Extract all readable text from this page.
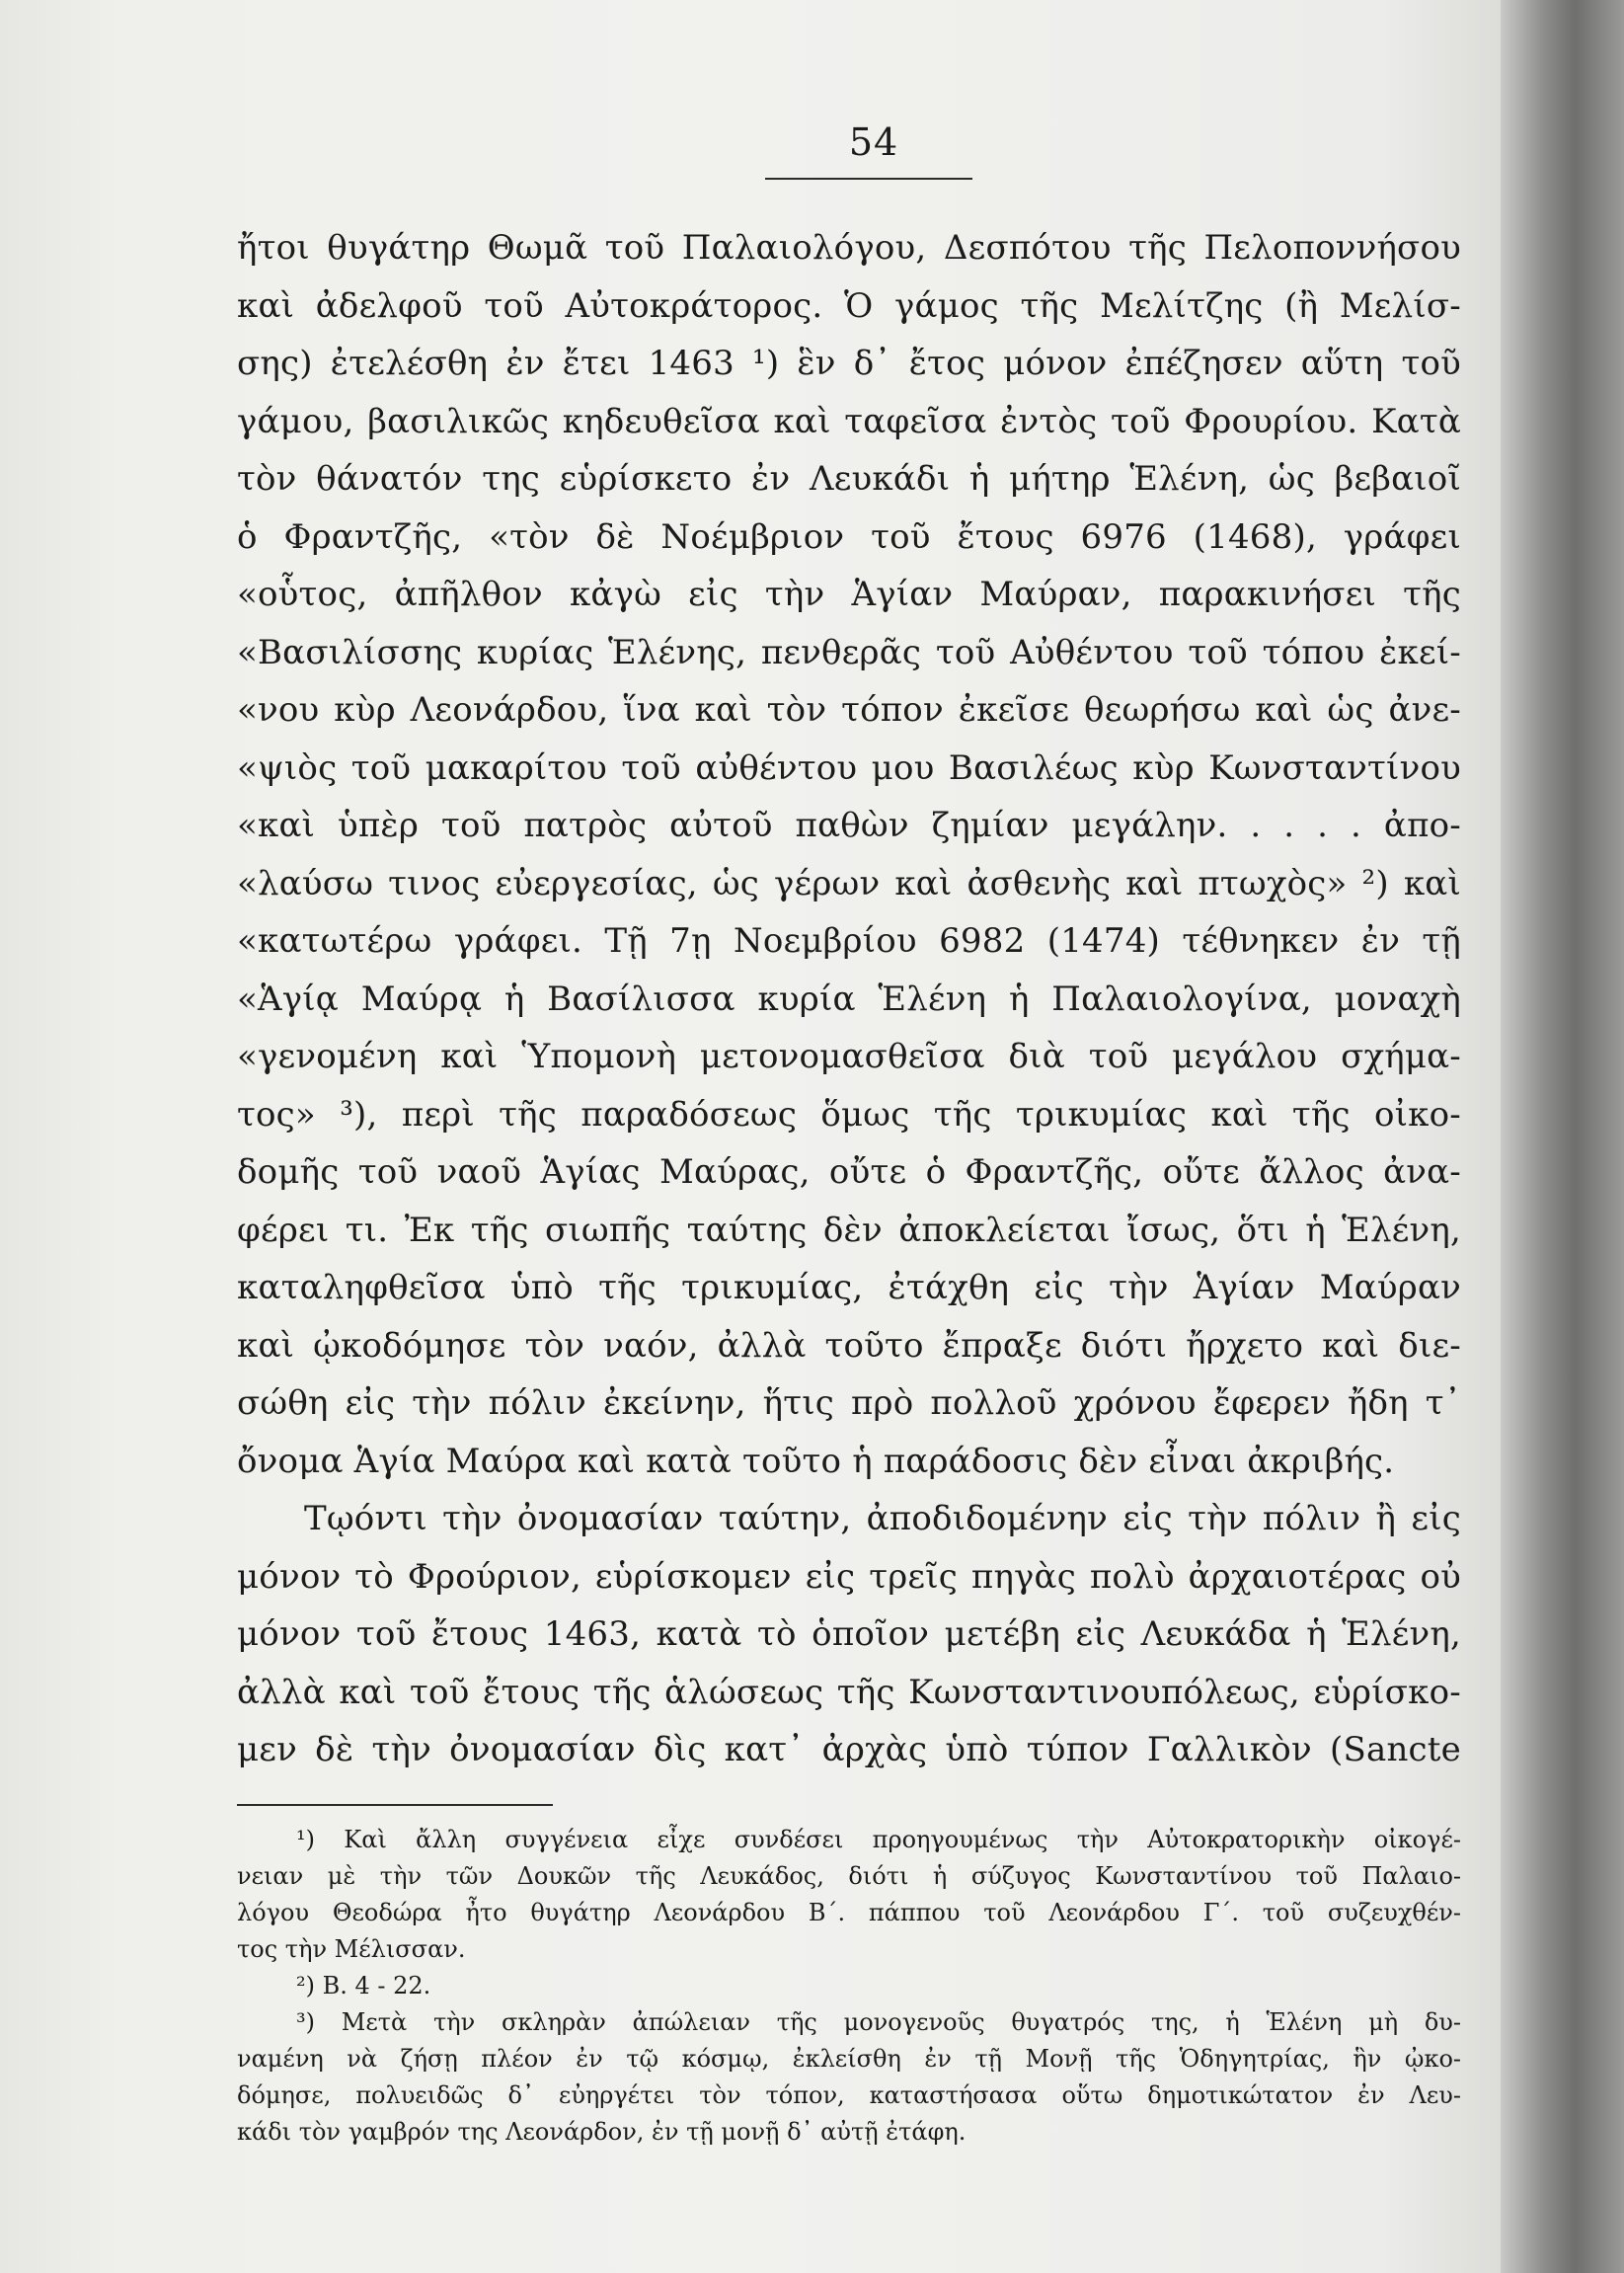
54
ἤτοι θυγάτηρ Θωμᾶ τοῦ Παλαιολόγου, Δεσπότου τῆς Πελοποννήσου
καὶ ἀδελφοῦ τοῦ Αὐτοκράτορος. Ὁ γάμος τῆς Μελίτζης (ἢ Μελίσ-
σης) ἐτελέσθη ἐν ἔτει 1463 ¹) ἓν δ᾽ ἔτος μόνον ἐπέζησεν αὕτη τοῦ
γάμου, βασιλικῶς κηδευθεῖσα καὶ ταφεῖσα ἐντὸς τοῦ Φρουρίου. Κατὰ
τὸν θάνατόν της εὑρίσκετο ἐν Λευκάδι ἡ μήτηρ Ἑλένη, ὡς βεβαιοῖ
ὁ Φραντζῆς, «τὸν δὲ Νοέμβριον τοῦ ἔτους 6976 (1468), γράφει
«οὗτος, ἀπῆλθον κἀγὼ εἰς τὴν Ἁγίαν Μαύραν, παρακινήσει τῆς
«Βασιλίσσης κυρίας Ἑλένης, πενθερᾶς τοῦ Αὐθέντου τοῦ τόπου ἐκεί-
«νου κὺρ Λεονάρδου, ἵνα καὶ τὸν τόπον ἐκεῖσε θεωρήσω καὶ ὡς ἀνε-
«ψιὸς τοῦ μακαρίτου τοῦ αὐθέντου μου Βασιλέως κὺρ Κωνσταντίνου
«καὶ ὑπὲρ τοῦ πατρὸς αὐτοῦ παθὼν ζημίαν μεγάλην. . . . . ἀπο-
«λαύσω τινος εὐεργεσίας, ὡς γέρων καὶ ἀσθενὴς καὶ πτωχὸς» ²) καὶ
«κατωτέρω γράφει. Τῇ 7ῃ Νοεμβρίου 6982 (1474) τέθνηκεν ἐν τῇ
«Ἁγίᾳ Μαύρᾳ ἡ Βασίλισσα κυρία Ἑλένη ἡ Παλαιολογίνα, μοναχὴ
«γενομένη καὶ Ὑπομονὴ μετονομασθεῖσα διὰ τοῦ μεγάλου σχήμα-
τος» ³), περὶ τῆς παραδόσεως ὅμως τῆς τρικυμίας καὶ τῆς οἰκο-
δομῆς τοῦ ναοῦ Ἁγίας Μαύρας, οὔτε ὁ Φραντζῆς, οὔτε ἄλλος ἀνα-
φέρει τι. Ἐκ τῆς σιωπῆς ταύτης δὲν ἀποκλείεται ἴσως, ὅτι ἡ Ἑλένη,
καταληφθεῖσα ὑπὸ τῆς τρικυμίας, ἐτάχθη εἰς τὴν Ἁγίαν Μαύραν
καὶ ᾠκοδόμησε τὸν ναόν, ἀλλὰ τοῦτο ἔπραξε διότι ἤρχετο καὶ διε-
σώθη εἰς τὴν πόλιν ἐκείνην, ἥτις πρὸ πολλοῦ χρόνου ἔφερεν ἤδη τ᾽
ὄνομα Ἁγία Μαύρα καὶ κατὰ τοῦτο ἡ παράδοσις δὲν εἶναι ἀκριβής.
Τῳόντι τὴν ὀνομασίαν ταύτην, ἀποδιδομένην εἰς τὴν πόλιν ἢ εἰς
μόνον τὸ Φρούριον, εὑρίσκομεν εἰς τρεῖς πηγὰς πολὺ ἀρχαιοτέρας οὐ
μόνον τοῦ ἔτους 1463, κατὰ τὸ ὁποῖον μετέβη εἰς Λευκάδα ἡ Ἑλένη,
ἀλλὰ καὶ τοῦ ἔτους τῆς ἁλώσεως τῆς Κωνσταντινουπόλεως, εὑρίσκο-
μεν δὲ τὴν ὀνομασίαν δὶς κατ᾽ ἀρχὰς ὑπὸ τύπον Γαλλικὸν (Sancte
¹) Καὶ ἄλλη συγγένεια εἶχε συνδέσει προηγουμένως τὴν Αὐτοκρατορικὴν οἰκογέ-
νειαν μὲ τὴν τῶν Δουκῶν τῆς Λευκάδος, διότι ἡ σύζυγος Κωνσταντίνου τοῦ Παλαιο-
λόγου Θεοδώρα ἦτο θυγάτηρ Λεονάρδου Β΄. πάππου τοῦ Λεονάρδου Γ΄. τοῦ συζευχθέν-
τος τὴν Μέλισσαν.
²) Β. 4 - 22.
³) Μετὰ τὴν σκληρὰν ἀπώλειαν τῆς μονογενοῦς θυγατρός της, ἡ Ἑλένη μὴ δυ-
ναμένη νὰ ζήσῃ πλέον ἐν τῷ κόσμῳ, ἐκλείσθη ἐν τῇ Μονῇ τῆς Ὁδηγητρίας, ἣν ᾠκο-
δόμησε, πολυειδῶς δ᾽ εὐηργέτει τὸν τόπον, καταστήσασα οὕτω δημοτικώτατον ἐν Λευ-
κάδι τὸν γαμβρόν της Λεονάρδον, ἐν τῇ μονῇ δ᾽ αὐτῇ ἐτάφη.
